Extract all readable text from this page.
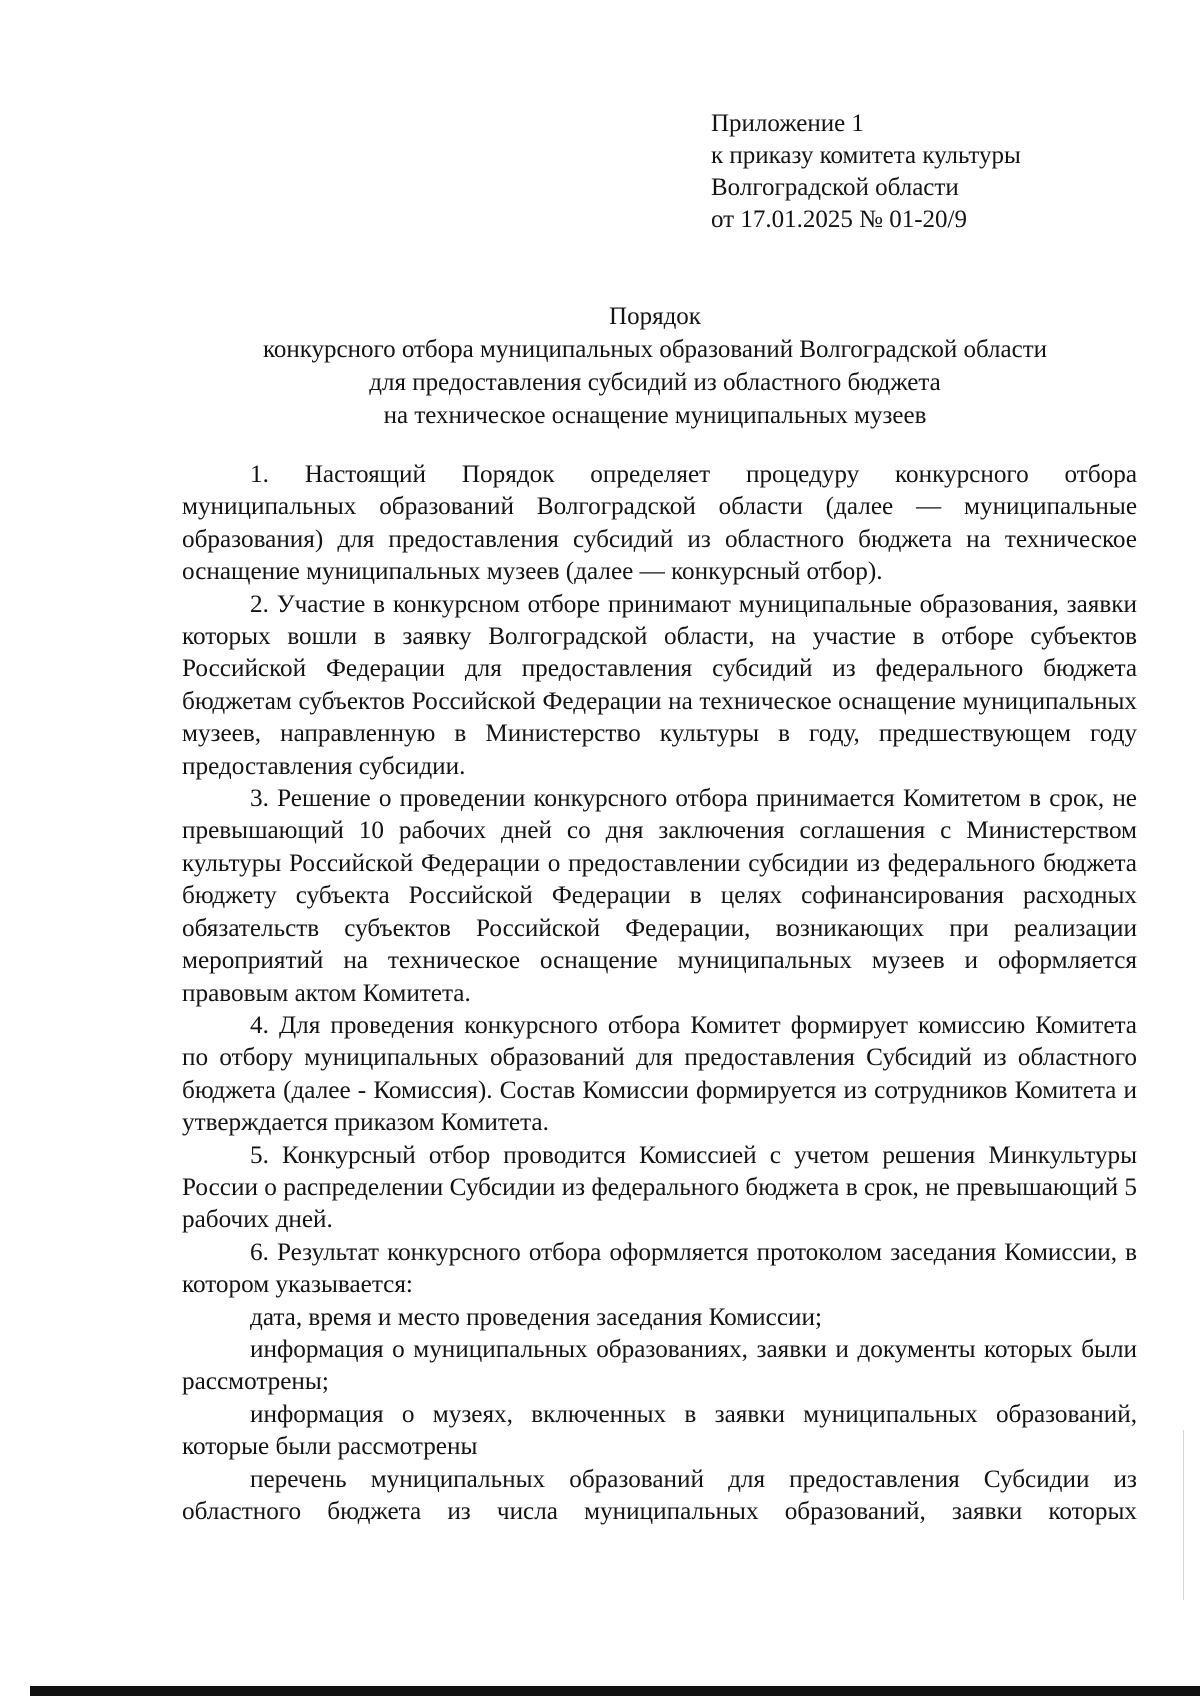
Приложение 1
к приказу комитета культуры
Волгоградской области
от 17.01.2025 № 01-20/9
Порядок
конкурсного отбора муниципальных образований Волгоградской области
для предоставления субсидий из областного бюджета
на техническое оснащение муниципальных музеев

1. Настоящий Порядок определяет процедуру конкурсного отбора муниципальных образований Волгоградской области (далее — муниципальные образования) для предоставления субсидий из областного бюджета на техническое оснащение муниципальных музеев (далее — конкурсный отбор).

2. Участие в конкурсном отборе принимают муниципальные образования, заявки которых вошли в заявку Волгоградской области, на участие в отборе субъектов Российской Федерации для предоставления субсидий из федерального бюджета бюджетам субъектов Российской Федерации на техническое оснащение муниципальных музеев, направленную в Министерство культуры в году, предшествующем году предоставления субсидии.

3. Решение о проведении конкурсного отбора принимается Комитетом в срок, не превышающий 10 рабочих дней со дня заключения соглашения с Министерством культуры Российской Федерации о предоставлении субсидии из федерального бюджета бюджету субъекта Российской Федерации в целях софинансирования расходных обязательств субъектов Российской Федерации, возникающих при реализации мероприятий на техническое оснащение муниципальных музеев и оформляется правовым актом Комитета.

4. Для проведения конкурсного отбора Комитет формирует комиссию Комитета по отбору муниципальных образований для предоставления Субсидий из областного бюджета (далее - Комиссия). Состав Комиссии формируется из сотрудников Комитета и утверждается приказом Комитета.

5. Конкурсный отбор проводится Комиссией с учетом решения Минкультуры России о распределении Субсидии из федерального бюджета в срок, не превышающий 5 рабочих дней.

6. Результат конкурсного отбора оформляется протоколом заседания Комиссии, в котором указывается:

дата, время и место проведения заседания Комиссии;

информация о муниципальных образованиях, заявки и документы которых были рассмотрены;

информация о музеях, включенных в заявки муниципальных образований, которые были рассмотрены

перечень муниципальных образований для предоставления Субсидии из областного бюджета из числа муниципальных образований, заявки которых
